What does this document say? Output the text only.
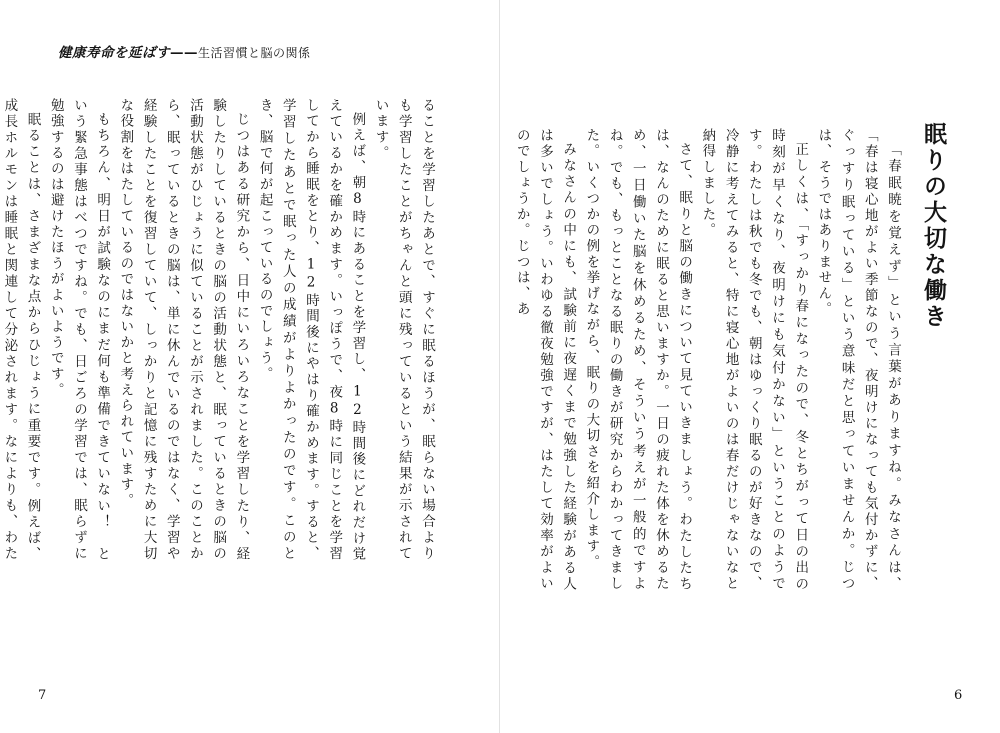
健康寿命を延ばす——生活習慣と脳の関係

ることを学習したあとで、すぐに眠るほうが、眠らない場合よりも学習したことがちゃんと頭に残っているという結果が示されています。

例えば、朝8時にあることを学習し、12時間後にどれだけ覚えているかを確かめます。いっぽうで、夜8時に同じことを学習してから睡眠をとり、12時間後にやはり確かめます。すると、学習したあとで眠った人の成績がよりよかったのです。このとき、脳で何が起こっているのでしょう。

じつはある研究から、日中にいろいろなことを学習したり、経験したりしているときの脳の活動状態と、眠っているときの脳の活動状態がひじょうに似ていることが示されました。このことから、眠っているときの脳は、単に休んでいるのではなく、学習や経験したことを復習していて、しっかりと記憶に残すために大切な役割をはたしているのではないかと考えられています。

もちろん、明日が試験なのにまだ何も準備できていない！　という緊急事態はべつですね。でも、日ごろの学習では、眠らずに勉強するのは避けたほうがよいようです。

眠ることは、さまざまな点からひじょうに重要です。例えば、成長ホルモンは睡眠と関連して分泌されます。なによりも、わた

7
眠りの大切な働き

「春眠暁を覚えず」という言葉がありますね。みなさんは、「春は寝心地がよい季節なので、夜明けになっても気付かずに、ぐっすり眠っている」という意味だと思っていませんか。じつは、そうではありません。

正しくは、「すっかり春になったので、冬とちがって日の出の時刻が早くなり、夜明けにも気付かない」ということのようです。わたしは秋でも冬でも、朝はゆっくり眠るのが好きなので、冷静に考えてみると、特に寝心地がよいのは春だけじゃないなと納得しました。

さて、眠りと脳の働きについて見ていきましょう。わたしたちは、なんのために眠ると思いますか。一日の疲れた体を休めるため、一日働いた脳を休めるため、そういう考えが一般的ですよね。でも、もっとことなる眠りの働きが研究からわかってきました。いくつかの例を挙げながら、眠りの大切さを紹介します。

みなさんの中にも、試験前に夜遅くまで勉強した経験がある人は多いでしょう。いわゆる徹夜勉強ですが、はたして効率がよいのでしょうか。じつは、あ

6
